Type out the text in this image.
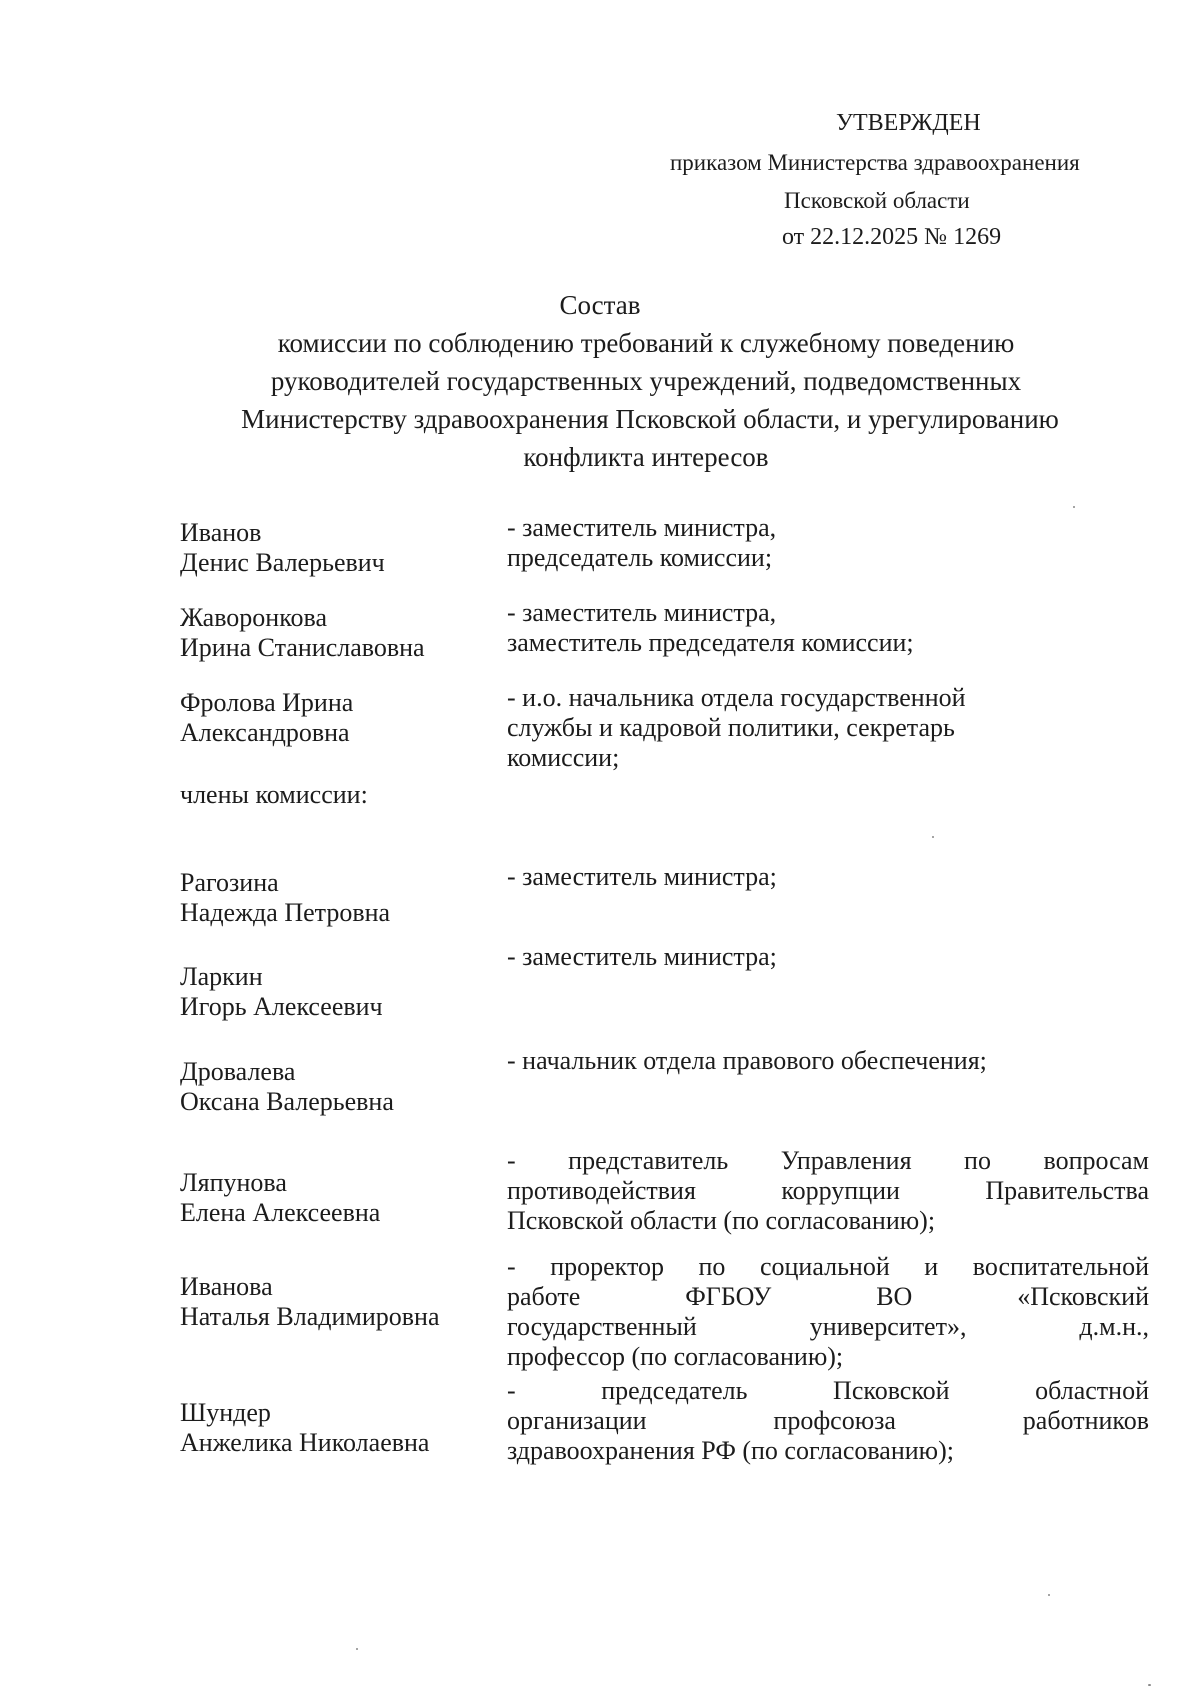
УТВЕРЖДЕН
приказом Министерства здравоохранения
Псковской области
от 22.12.2025 № 1269
Состав
комиссии по соблюдению требований к служебному поведению
руководителей государственных учреждений, подведомственных
Министерству здравоохранения Псковской области, и урегулированию
конфликта интересов
Иванов
Денис Валерьевич
- заместитель министра,
председатель комиссии;
Жаворонкова
Ирина Станиславовна
- заместитель министра,
заместитель председателя комиссии;
Фролова Ирина
Александровна
- и.о. начальника отдела государственной
службы и кадровой политики, секретарь
комиссии;
члены комиссии:
Рагозина
Надежда Петровна
- заместитель министра;
Ларкин
Игорь Алексеевич
- заместитель министра;
Дровалева
Оксана Валерьевна
- начальник отдела правового обеспечения;
Ляпунова
Елена Алексеевна
- представитель Управления по вопросам
противодействия коррупции Правительства
Псковской области (по согласованию);
Иванова
Наталья Владимировна
- проректор по социальной и воспитательной
работе ФГБОУ ВО «Псковский
государственный университет», д.м.н.,
профессор (по согласованию);
Шундер
Анжелика Николаевна
- председатель Псковской областной
организации профсоюза работников
здравоохранения РФ (по согласованию);
